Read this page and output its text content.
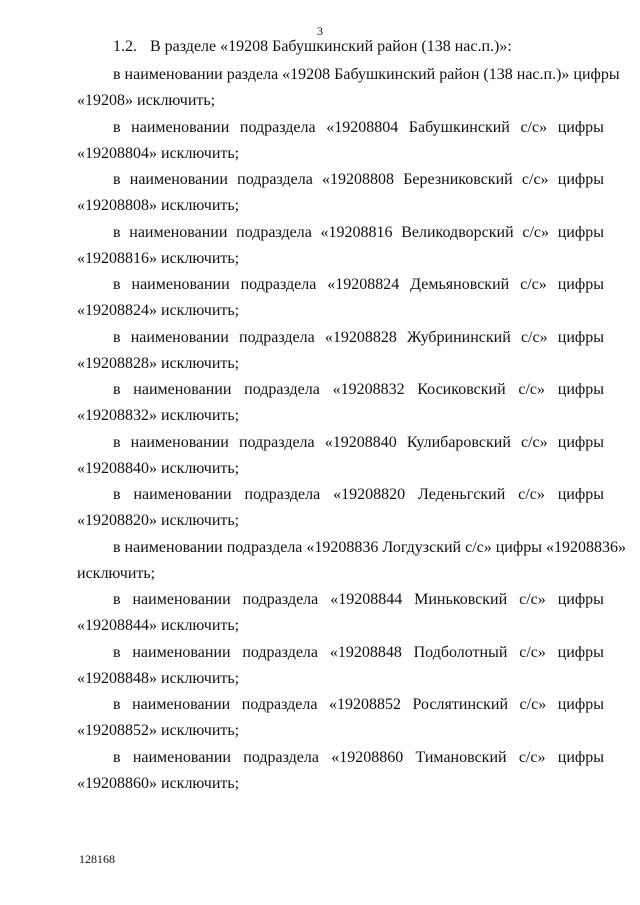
3
1.2. В разделе «19208 Бабушкинский район (138 нас.п.)»:
в наименовании раздела «19208 Бабушкинский район (138 нас.п.)» цифры
«19208» исключить;
в наименовании подраздела «19208804 Бабушкинский с/с» цифры
«19208804» исключить;
в наименовании подраздела «19208808 Березниковский с/с» цифры
«19208808» исключить;
в наименовании подраздела «19208816 Великодворский с/с» цифры
«19208816» исключить;
в наименовании подраздела «19208824 Демьяновский с/с» цифры
«19208824» исключить;
в наименовании подраздела «19208828 Жубрининский с/с» цифры
«19208828» исключить;
в наименовании подраздела «19208832 Косиковский с/с» цифры
«19208832» исключить;
в наименовании подраздела «19208840 Кулибаровский с/с» цифры
«19208840» исключить;
в наименовании подраздела «19208820 Леденьгский с/с» цифры
«19208820» исключить;
в наименовании подраздела «19208836 Логдузский с/с» цифры «19208836»
исключить;
в наименовании подраздела «19208844 Миньковский с/с» цифры
«19208844» исключить;
в наименовании подраздела «19208848 Подболотный с/с» цифры
«19208848» исключить;
в наименовании подраздела «19208852 Рослятинский с/с» цифры
«19208852» исключить;
в наименовании подраздела «19208860 Тимановский с/с» цифры
«19208860» исключить;
128168
